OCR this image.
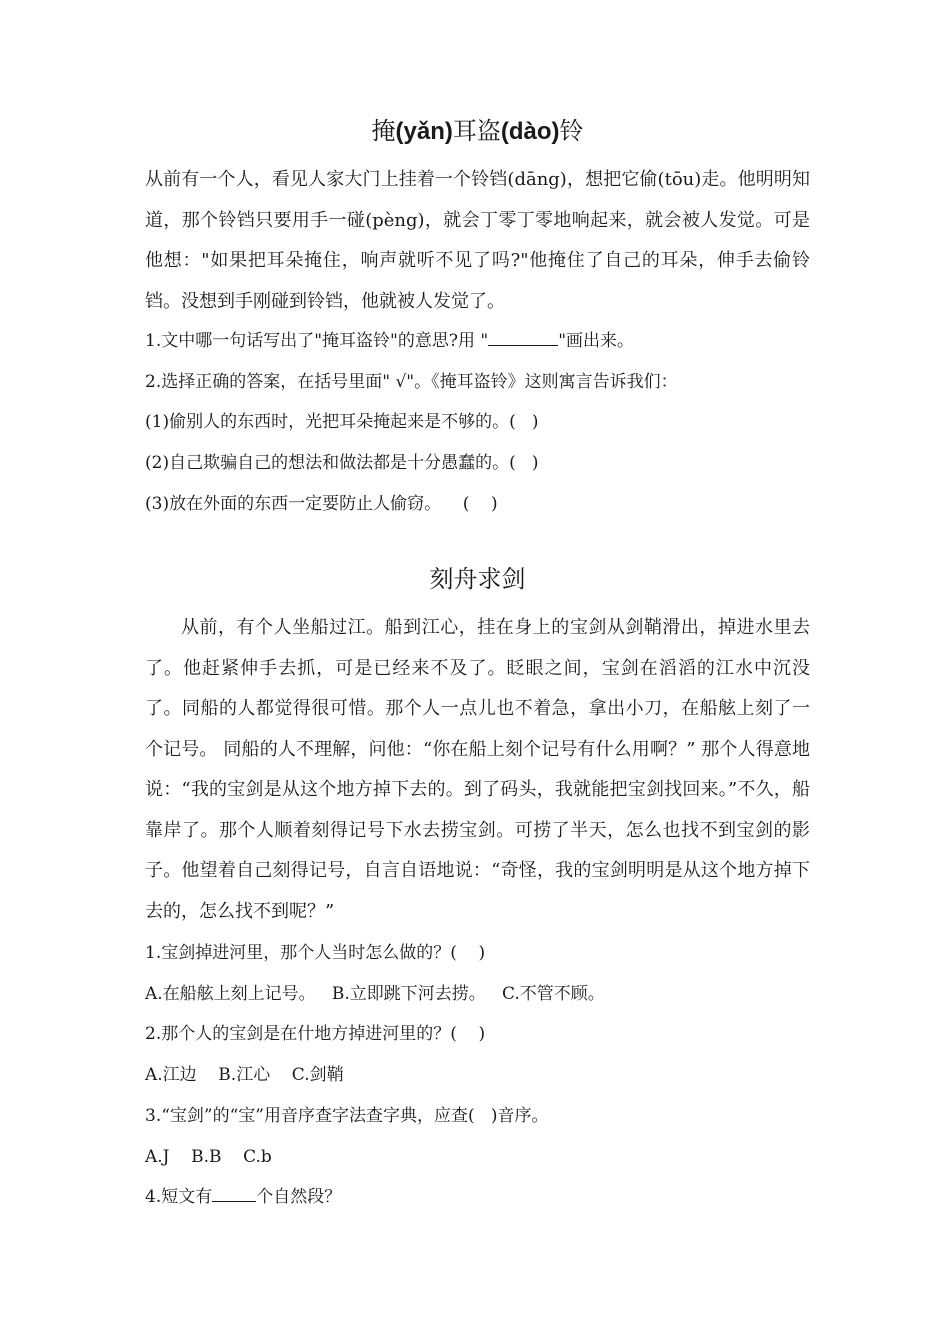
掩(yǎn)耳盗(dào)铃

从前有一个人，看见人家大门上挂着一个铃铛(dāng)，想把它偷(tōu)走。他明明知道，那个铃铛只要用手一碰(pèng)，就会丁零丁零地响起来，就会被人发觉。可是他想："如果把耳朵掩住，响声就听不见了吗?"他掩住了自己的耳朵，伸手去偷铃铛。没想到手刚碰到铃铛，他就被人发觉了。

1.文中哪一句话写出了"掩耳盗铃"的意思?用 "	"画出来。

2.选择正确的答案，在括号里面" √"。《掩耳盗铃》这则寓言告诉我们：

(1)偷别人的东西时，光把耳朵掩起来是不够的。(   )

(2)自己欺骗自己的想法和做法都是十分愚蠢的。(   )

(3)放在外面的东西一定要防止人偷窃。    (    )

刻舟求剑

从前，有个人坐船过江。船到江心，挂在身上的宝剑从剑鞘滑出，掉进水里去了。他赶紧伸手去抓，可是已经来不及了。眨眼之间，宝剑在滔滔的江水中沉没了。同船的人都觉得很可惜。那个人一点儿也不着急，拿出小刀，在船舷上刻了一个记号。 同船的人不理解，问他：“你在船上刻个记号有什么用啊？” 那个人得意地说：“我的宝剑是从这个地方掉下去的。到了码头，我就能把宝剑找回来。”不久，船靠岸了。那个人顺着刻得记号下水去捞宝剑。可捞了半天，怎么也找不到宝剑的影子。他望着自己刻得记号，自言自语地说：“奇怪，我的宝剑明明是从这个地方掉下去的，怎么找不到呢？”

1.宝剑掉进河里，那个人当时怎么做的？(    )

A.在船舷上刻上记号。   B.立即跳下河去捞。   C.不管不顾。

2.那个人的宝剑是在什地方掉进河里的？(    )

A.江边    B.江心    C.剑鞘

3.“宝剑”的“宝”用音序查字法查字典，应查(   )音序。

A.J    B.B    C.b

4.短文有	个自然段？
